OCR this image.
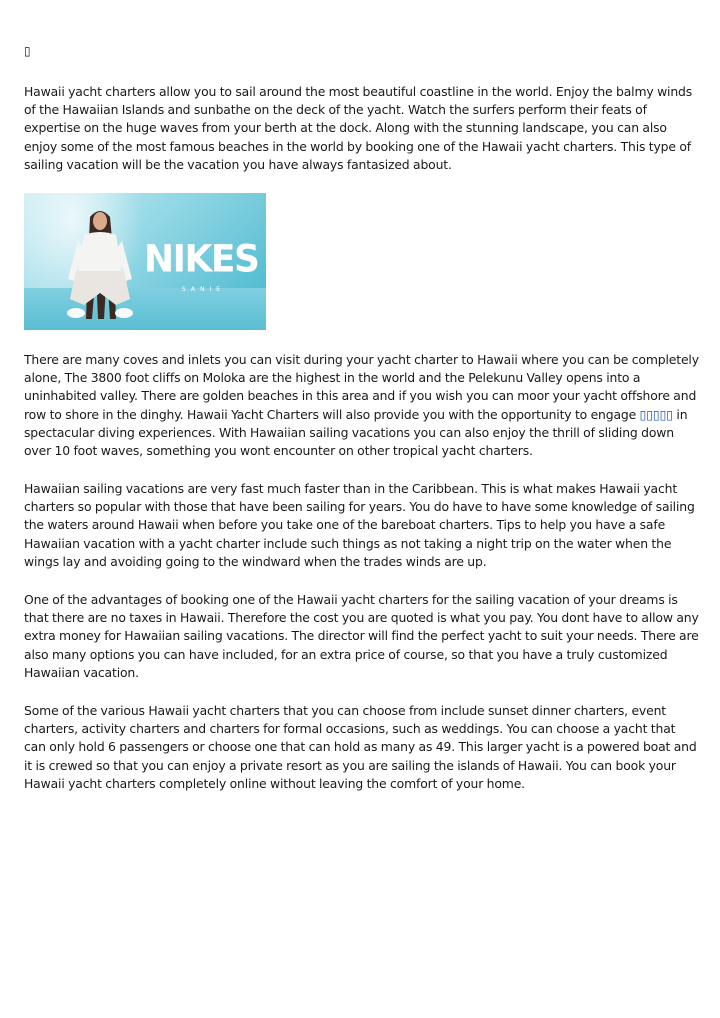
▯

Hawaii yacht charters allow you to sail around the most beautiful coastline in the world. Enjoy the balmy winds of the Hawaiian Islands and sunbathe on the deck of the yacht. Watch the surfers perform their feats of expertise on the huge waves from your berth at the dock. Along with the stunning landscape, you can also enjoy some of the most famous beaches in the world by booking one of the Hawaii yacht charters. This type of sailing vacation will be the vacation you have always fantasized about.

NIKES
SANIE

There are many coves and inlets you can visit during your yacht charter to Hawaii where you can be completely alone, The 3800 foot cliffs on Moloka are the highest in the world and the Pelekunu Valley opens into a uninhabited valley. There are golden beaches in this area and if you wish you can moor your yacht offshore and row to shore in the dinghy. Hawaii Yacht Charters will also provide you with the opportunity to engage ▯▯▯▯▯ in spectacular diving experiences. With Hawaiian sailing vacations you can also enjoy the thrill of sliding down over 10 foot waves, something you wont encounter on other tropical yacht charters.

Hawaiian sailing vacations are very fast much faster than in the Caribbean. This is what makes Hawaii yacht charters so popular with those that have been sailing for years. You do have to have some knowledge of sailing the waters around Hawaii when before you take one of the bareboat charters. Tips to help you have a safe Hawaiian vacation with a yacht charter include such things as not taking a night trip on the water when the wings lay and avoiding going to the windward when the trades winds are up.

One of the advantages of booking one of the Hawaii yacht charters for the sailing vacation of your dreams is that there are no taxes in Hawaii. Therefore the cost you are quoted is what you pay. You dont have to allow any extra money for Hawaiian sailing vacations. The director will find the perfect yacht to suit your needs. There are also many options you can have included, for an extra price of course, so that you have a truly customized Hawaiian vacation.

Some of the various Hawaii yacht charters that you can choose from include sunset dinner charters, event charters, activity charters and charters for formal occasions, such as weddings. You can choose a yacht that can only hold 6 passengers or choose one that can hold as many as 49. This larger yacht is a powered boat and it is crewed so that you can enjoy a private resort as you are sailing the islands of Hawaii. You can book your Hawaii yacht charters completely online without leaving the comfort of your home.
